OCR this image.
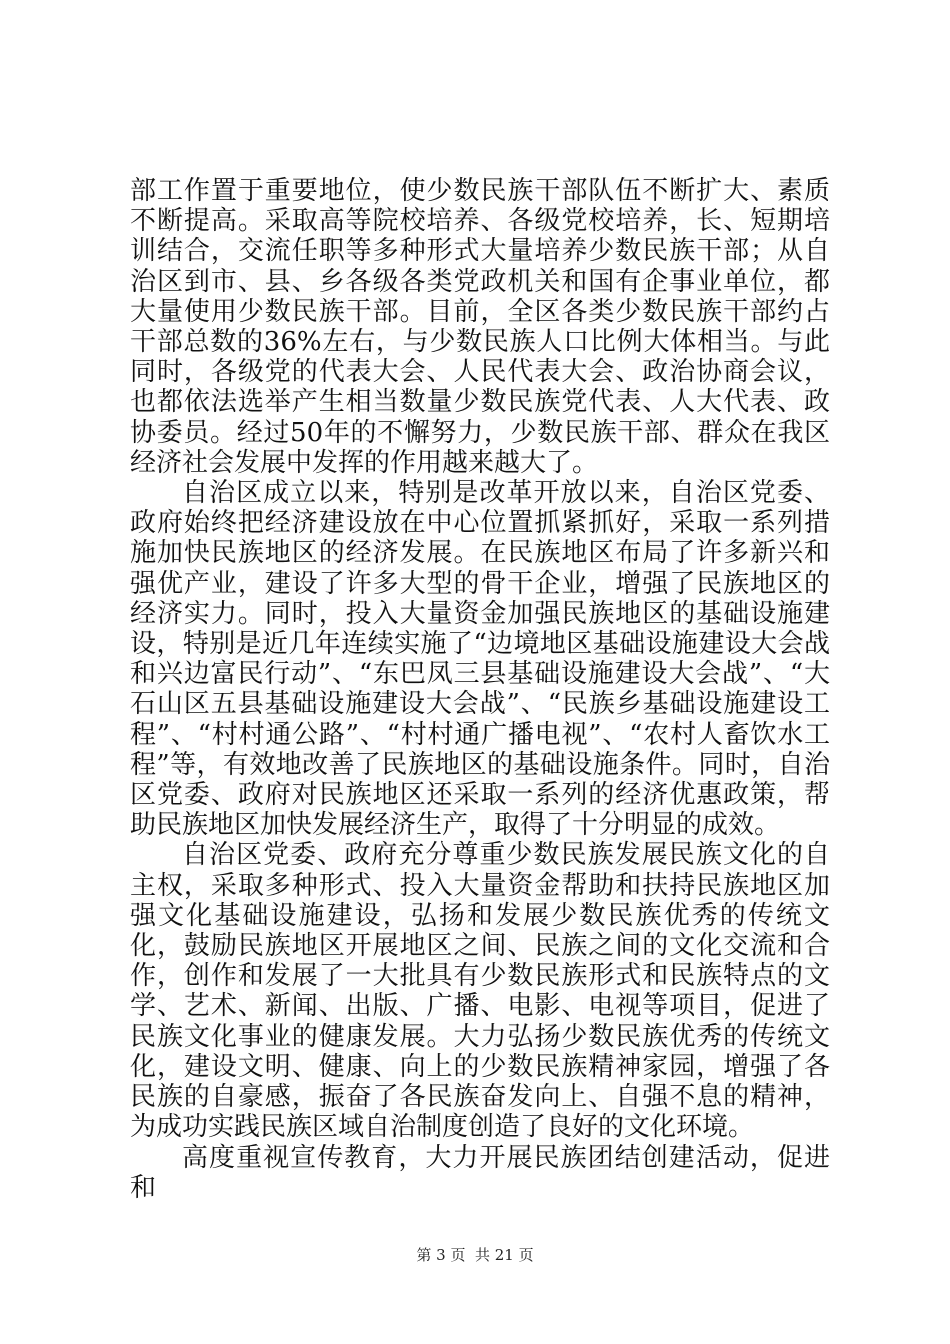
部工作置于重要地位，使少数民族干部队伍不断扩大、素质不断提高。采取高等院校培养、各级党校培养，长、短期培训结合，交流任职等多种形式大量培养少数民族干部；从自治区到市、县、乡各级各类党政机关和国有企事业单位，都大量使用少数民族干部。目前，全区各类少数民族干部约占干部总数的36%左右，与少数民族人口比例大体相当。与此同时，各级党的代表大会、人民代表大会、政治协商会议，也都依法选举产生相当数量少数民族党代表、人大代表、政协委员。经过50年的不懈努力，少数民族干部、群众在我区经济社会发展中发挥的作用越来越大了。

自治区成立以来，特别是改革开放以来，自治区党委、政府始终把经济建设放在中心位置抓紧抓好，采取一系列措施加快民族地区的经济发展。在民族地区布局了许多新兴和强优产业，建设了许多大型的骨干企业，增强了民族地区的经济实力。同时，投入大量资金加强民族地区的基础设施建设，特别是近几年连续实施了“边境地区基础设施建设大会战和兴边富民行动”、“东巴凤三县基础设施建设大会战”、“大石山区五县基础设施建设大会战”、“民族乡基础设施建设工程”、“村村通公路”、“村村通广播电视”、“农村人畜饮水工程”等，有效地改善了民族地区的基础设施条件。同时，自治区党委、政府对民族地区还采取一系列的经济优惠政策，帮助民族地区加快发展经济生产，取得了十分明显的成效。

自治区党委、政府充分尊重少数民族发展民族文化的自主权，采取多种形式、投入大量资金帮助和扶持民族地区加强文化基础设施建设，弘扬和发展少数民族优秀的传统文化，鼓励民族地区开展地区之间、民族之间的文化交流和合作，创作和发展了一大批具有少数民族形式和民族特点的文学、艺术、新闻、出版、广播、电影、电视等项目，促进了民族文化事业的健康发展。大力弘扬少数民族优秀的传统文化，建设文明、健康、向上的少数民族精神家园，增强了各民族的自豪感，振奋了各民族奋发向上、自强不息的精神，为成功实践民族区域自治制度创造了良好的文化环境。

高度重视宣传教育，大力开展民族团结创建活动，促进和

第 3 页  共 21 页
